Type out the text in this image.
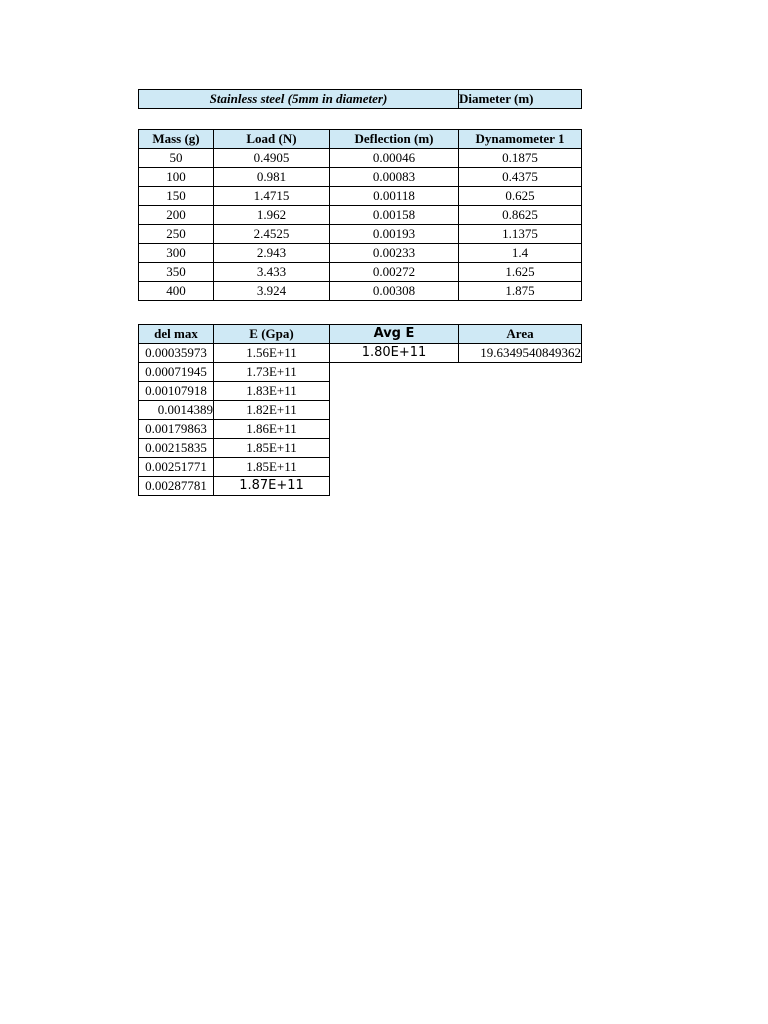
Stainless steel (5mm in diameter)	Diameter (m)
Mass (g)	Load (N)	Deflection (m)	Dynamometer 1
50	0.4905	0.00046	0.1875
100	0.981	0.00083	0.4375
150	1.4715	0.00118	0.625
200	1.962	0.00158	0.8625
250	2.4525	0.00193	1.1375
300	2.943	0.00233	1.4
350	3.433	0.00272	1.625
400	3.924	0.00308	1.875
del max	E (Gpa)	Avg E	Area
0.00035973	1.56E+11	1.80E+11	19.6349540849362
0.00071945	1.73E+11		
0.00107918	1.83E+11		
0.0014389	1.82E+11		
0.00179863	1.86E+11		
0.00215835	1.85E+11		
0.00251771	1.85E+11		
0.00287781	1.87E+11		
